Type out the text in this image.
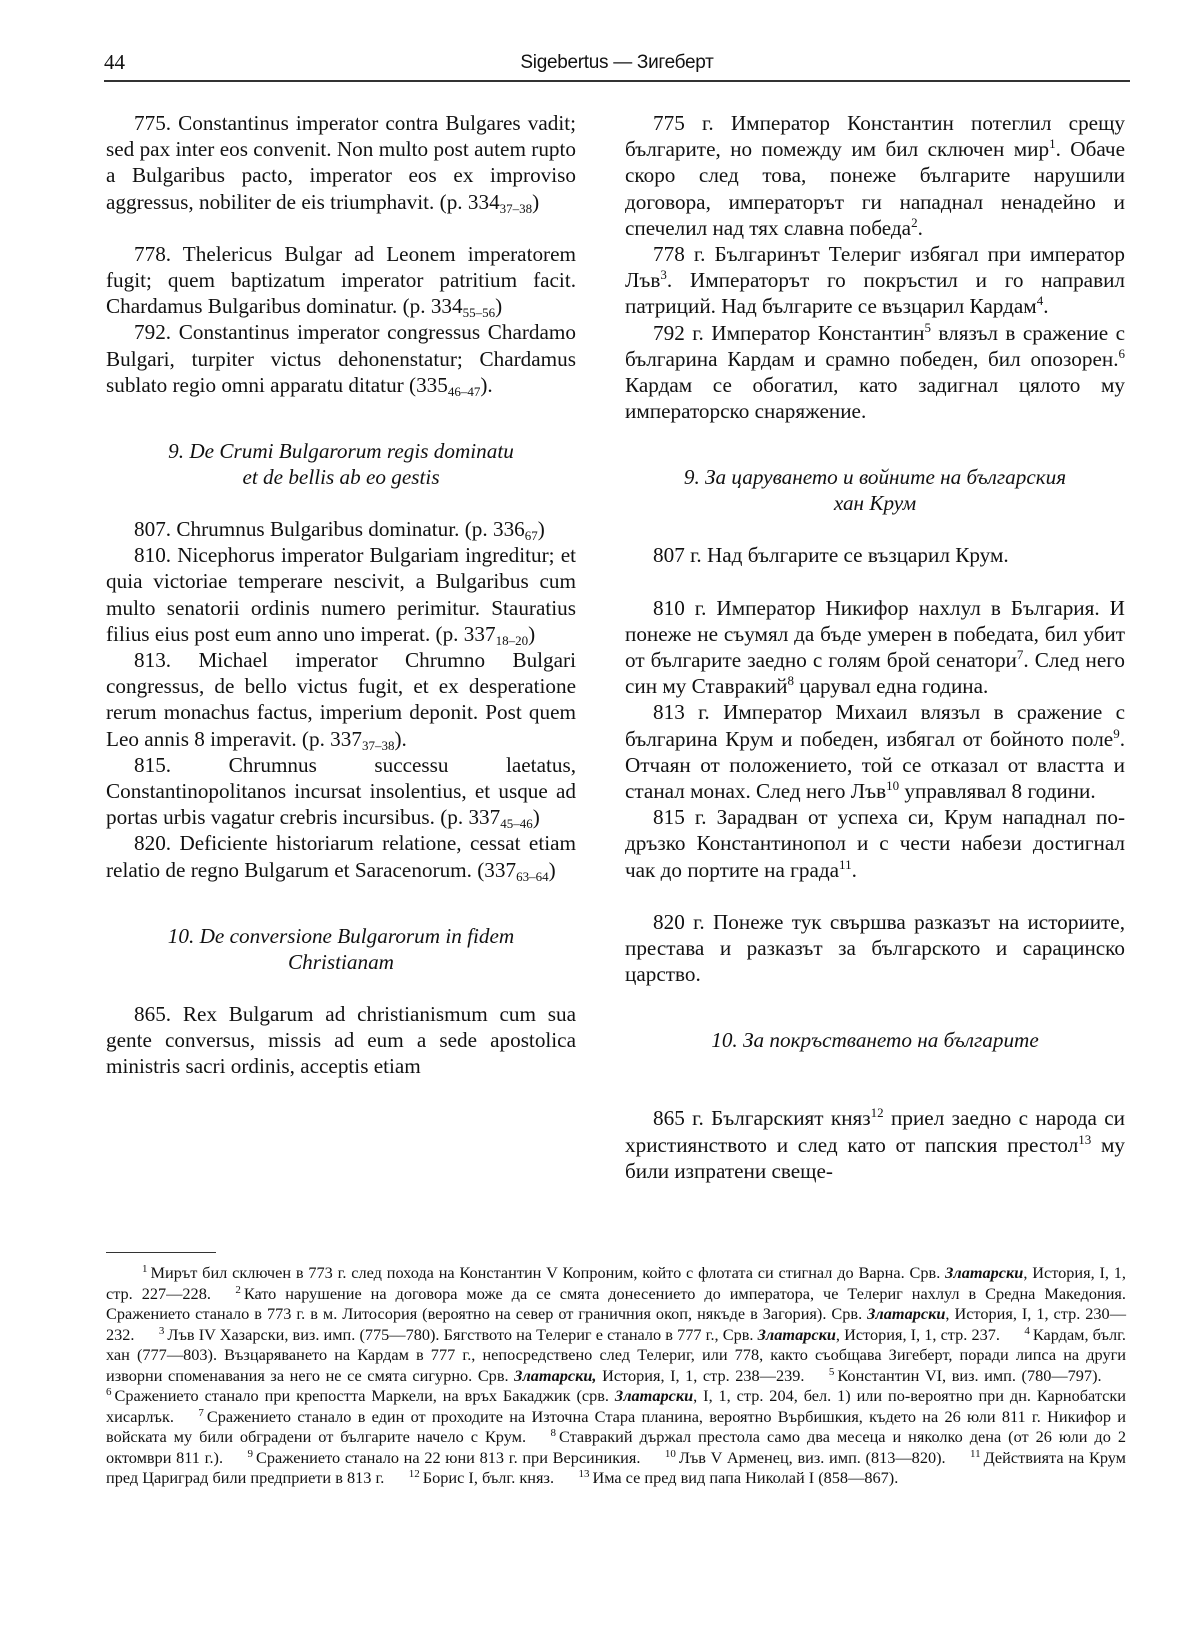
44	Sigebertus — Зигеберт

775. Constantinus imperator contra Bulgares vadit; sed pax inter eos convenit. Non multo post autem rupto a Bulgaribus pacto, imperator eos ex improviso aggressus, nobiliter de eis triumphavit. (p. $334_{37-38}$)

778. Thelericus Bulgar ad Leonem imperatorem fugit; quem baptizatum imperator patritium facit. Chardamus Bulgaribus dominatur. (p. $334_{55-56}$)

792. Constantinus imperator congressus Chardamo Bulgari, turpiter victus dehonenstatur; Chardamus sublato regio omni apparatu ditatur $(335_{46-47})$.

9. De Crumi Bulgarorum regis dominatu
et de bellis ab eo gestis

807. Chrumnus Bulgaribus dominatur. (p. $336_{67}$)

810. Nicephorus imperator Bulgariam ingreditur; et quia victoriae temperare nescivit, a Bulgaribus cum multo senatorii ordinis numero perimitur. Stauratius filius eius post eum anno uno imperat. (p. $337_{18-20}$)

813. Michael imperator Chrumno Bulgari congressus, de bello victus fugit, et ex desperatione rerum monachus factus, imperium deponit. Post quem Leo annis 8 imperavit. (p. $337_{37-38}$).

815. Chrumnus successu laetatus, Constantinopolitanos incursat insolentius, et usque ad portas urbis vagatur crebris incursibus. (p. $337_{45-46}$)

820. Deficiente historiarum relatione, cessat etiam relatio de regno Bulgarum et Saracenorum. $(337_{63-64})$

10. De conversione Bulgarorum in fidem
Christianam

865. Rex Bulgarum ad christianismum cum sua gente conversus, missis ad eum a sede apostolica ministris sacri ordinis, acceptis etiam

775 г. Император Константин потеглил срещу българите, но помежду им бил сключен мир$^1$. Обаче скоро след това, понеже българите нарушили договора, императорът ги нападнал ненадейно и спечелил над тях славна победа$^2$.

778 г. Българинът Телериг избягал при император Лъв$^3$. Императорът го покръстил и го направил патриций. Над българите се възцарил Кардам$^4$.

792 г. Император Константин$^5$ влязъл в сражение с българина Кардам и срамно победен, бил опозорен.$^6$ Кардам се обогатил, като задигнал цялото му императорско снаряжение.

9. За царуването и войните на българския
хан Крум

807 г. Над българите се възцарил Крум.

810 г. Император Никифор нахлул в България. И понеже не съумял да бъде умерен в победата, бил убит от българите заедно с голям брой сенатори$^7$. След него син му Ставракий$^8$ царувал една година.

813 г. Император Михаил влязъл в сражение с българина Крум и победен, избягал от бойното поле$^9$. Отчаян от положението, той се отказал от властта и станал монах. След него Лъв$^{10}$ управлявал 8 години.

815 г. Зарадван от успеха си, Крум нападнал по-дръзко Константинопол и с чести набези достигнал чак до портите на града$^{11}$.

820 г. Понеже тук свършва разказът на историите, престава и разказът за българското и сарацинско царство.

10. За покръстването на българите

865 г. Българският княз$^{12}$ приел заедно с народа си християнството и след като от папския престол$^{13}$ му били изпратени свеще-

$^1$ Мирът бил сключен в 773 г. след похода на Константин V Копроним, който с флотата си стигнал до Варна. Срв. Златарски, История, I, 1, стр. 227—228.   $^2$ Като нарушение на договора може да се смята донесението до императора, че Телериг нахлул в Средна Македония. Сражението станало в 773 г. в м. Литосория (вероятно на север от граничния окоп, някъде в Загория). Срв. Златарски, История, I, 1, стр. 230—232.   $^3$ Лъв IV Хазарски, виз. имп. (775—780). Бягството на Телериг е станало в 777 г., Срв. Златарски, История, I, 1, стр. 237.   $^4$ Кардам, бълг. хан (777—803). Възцаряването на Кардам в 777 г., непосредствено след Телериг, или 778, както съобщава Зигеберт, поради липса на други изворни споменавания за него не се смята сигурно. Срв. Златарски, История, I, 1, стр. 238—239.   $^5$ Константин VI, виз. имп. (780—797).  $^6$ Сражението станало при крепостта Маркели, на връх Бакаджик (срв. Златарски, I, 1, стр. 204, бел. 1) или по-вероятно при дн. Карнобатски хисарлък.   $^7$ Сражението станало в един от проходите на Източна Стара планина, вероятно Върбишкия, където на 26 юли 811 г. Никифор и войската му били обградени от българите начело с Крум.   $^8$ Ставракий държал престола само два месеца и няколко дена (от 26 юли до 2 октомври 811 г.).   $^9$ Сражението станало на 22 юни 813 г. при Версиникия.   $^{10}$ Лъв V Арменец, виз. имп. (813—820).   $^{11}$ Действията на Крум пред Цариград били предприети в 813 г.   $^{12}$ Борис I, бълг. княз.   $^{13}$ Има се пред вид папа Николай I (858—867).
